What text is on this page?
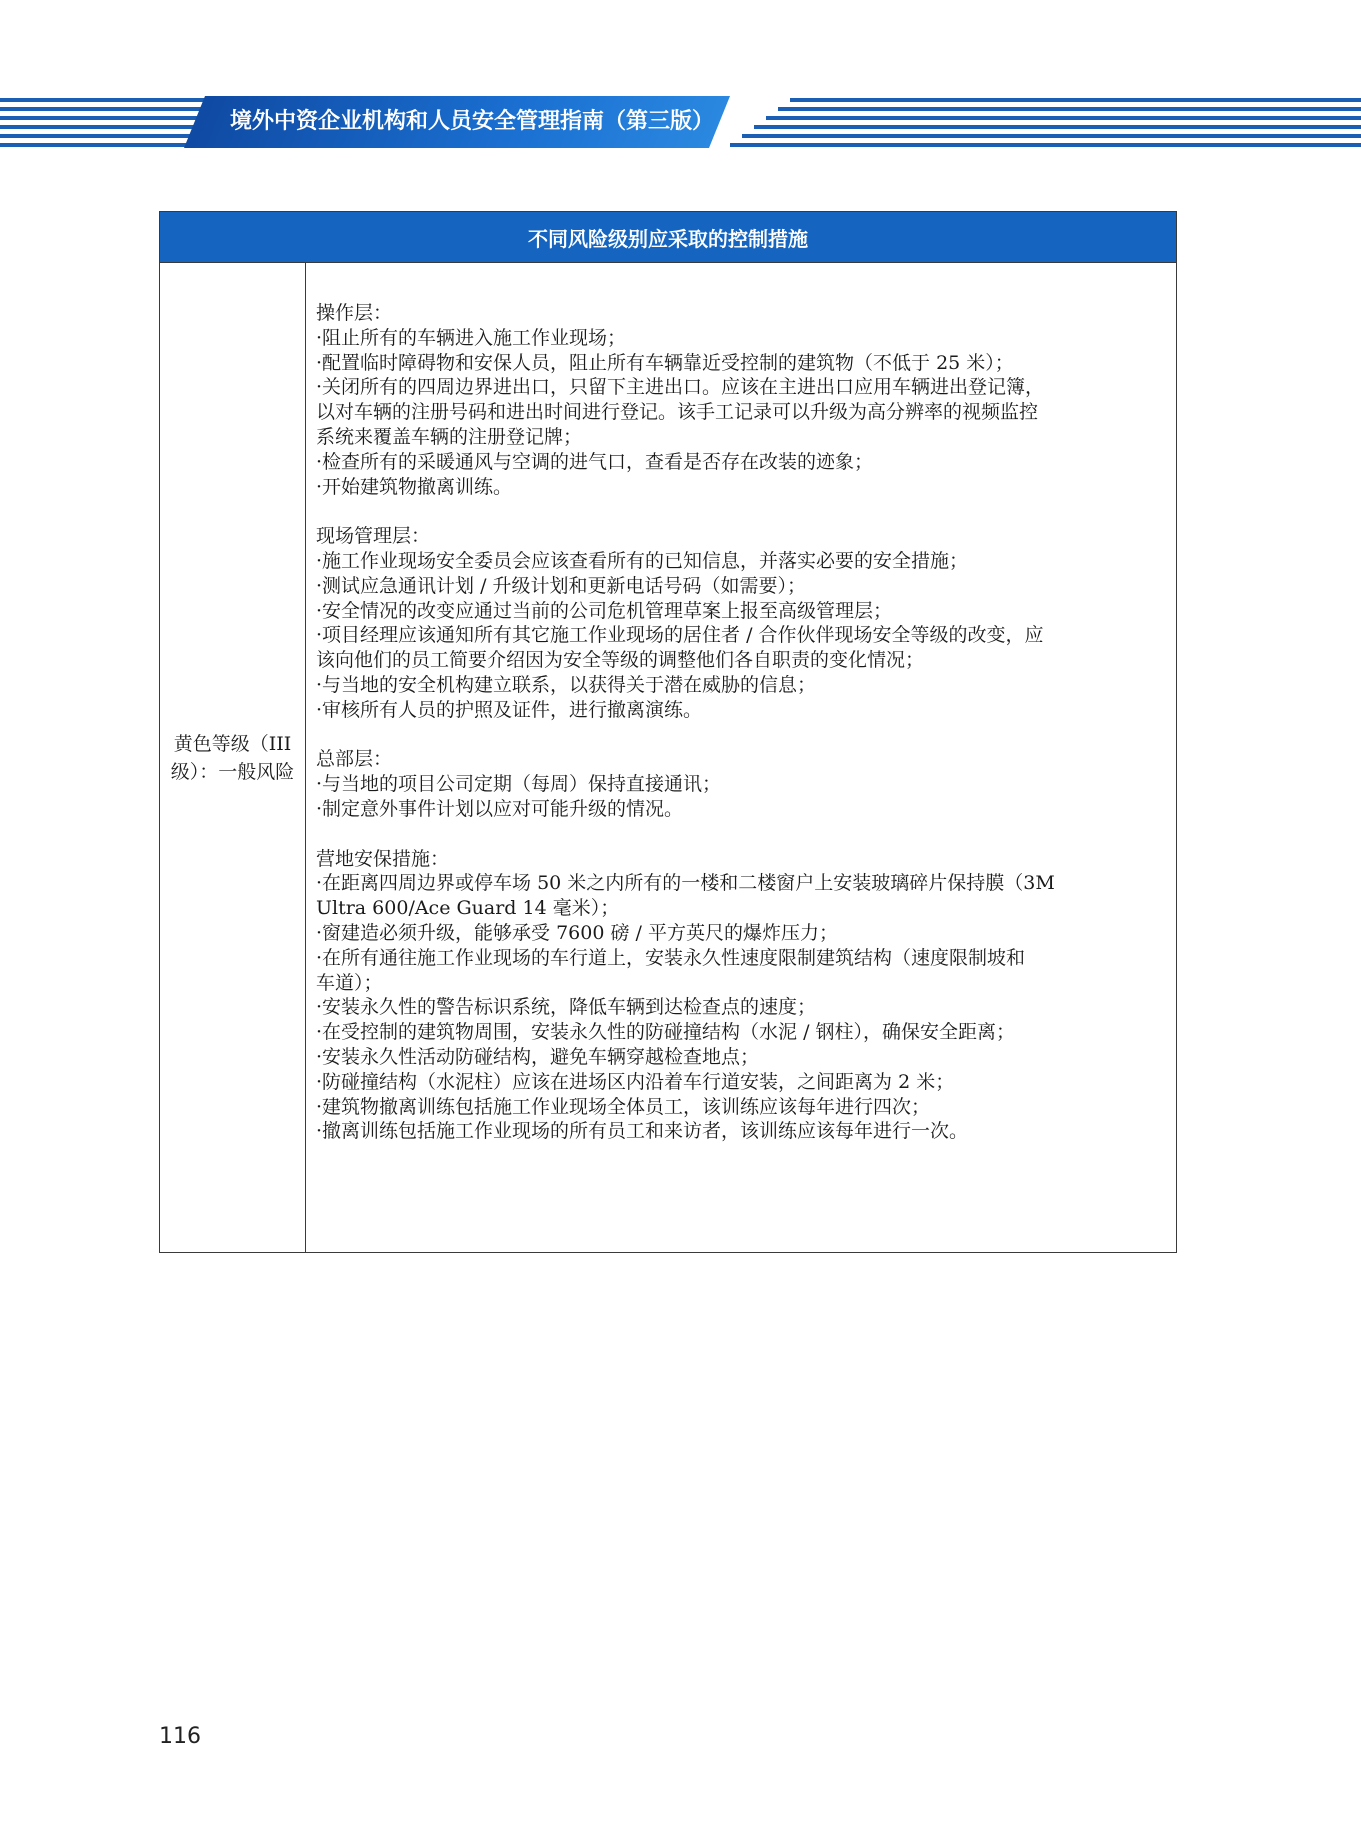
境外中资企业机构和人员安全管理指南（第三版）
不同风险级别应采取的控制措施
黄色等级（III级）：一般风险
操作层：
·阻止所有的车辆进入施工作业现场；
·配置临时障碍物和安保人员，阻止所有车辆靠近受控制的建筑物（不低于 25 米）；
·关闭所有的四周边界进出口，只留下主进出口。应该在主进出口应用车辆进出登记簿，
以对车辆的注册号码和进出时间进行登记。该手工记录可以升级为高分辨率的视频监控
系统来覆盖车辆的注册登记牌；
·检查所有的采暖通风与空调的进气口，查看是否存在改装的迹象；
·开始建筑物撤离训练。
现场管理层：
·施工作业现场安全委员会应该查看所有的已知信息，并落实必要的安全措施；
·测试应急通讯计划 / 升级计划和更新电话号码（如需要）；
·安全情况的改变应通过当前的公司危机管理草案上报至高级管理层；
·项目经理应该通知所有其它施工作业现场的居住者 / 合作伙伴现场安全等级的改变，应
该向他们的员工简要介绍因为安全等级的调整他们各自职责的变化情况；
·与当地的安全机构建立联系，以获得关于潜在威胁的信息；
·审核所有人员的护照及证件，进行撤离演练。
总部层：
·与当地的项目公司定期（每周）保持直接通讯；
·制定意外事件计划以应对可能升级的情况。
营地安保措施：
·在距离四周边界或停车场 50 米之内所有的一楼和二楼窗户上安装玻璃碎片保持膜（3M
Ultra 600/Ace Guard 14 毫米）；
·窗建造必须升级，能够承受 7600 磅 / 平方英尺的爆炸压力；
·在所有通往施工作业现场的车行道上，安装永久性速度限制建筑结构（速度限制坡和
车道）；
·安装永久性的警告标识系统，降低车辆到达检查点的速度；
·在受控制的建筑物周围，安装永久性的防碰撞结构（水泥 / 钢柱），确保安全距离；
·安装永久性活动防碰结构，避免车辆穿越检查地点；
·防碰撞结构（水泥柱）应该在进场区内沿着车行道安装，之间距离为 2 米；
·建筑物撤离训练包括施工作业现场全体员工，该训练应该每年进行四次；
·撤离训练包括施工作业现场的所有员工和来访者，该训练应该每年进行一次。
116
